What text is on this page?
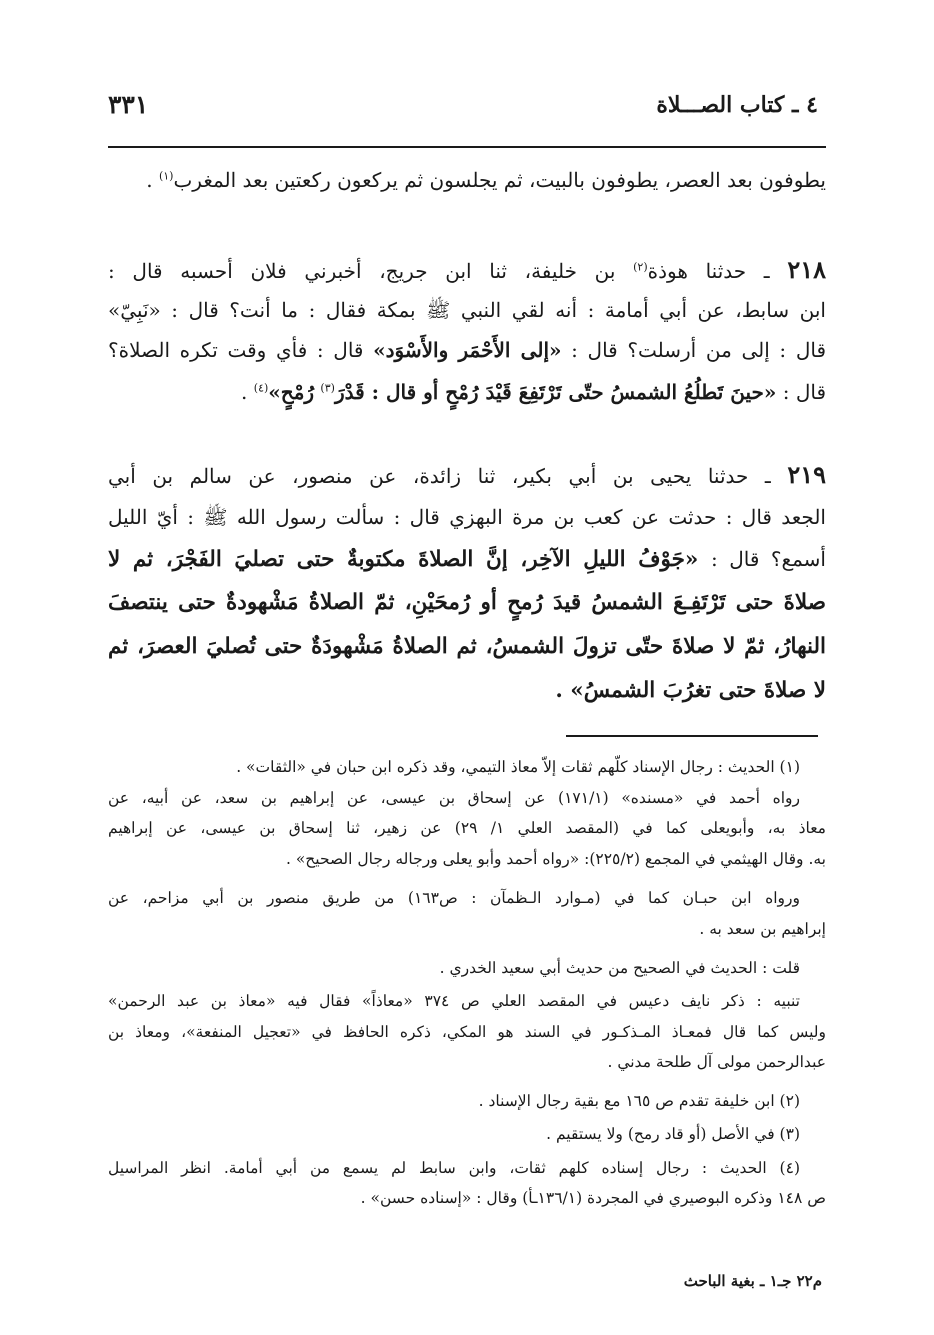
٤ ـ كتاب الصـــلاة
٣٣١
يطوفون بعد العصر، يطوفون بالبيت، ثم يجلسون ثم يركعون ركعتين بعد المغرب$^{(١)}$ .
٢١٨ ـ حدثنا هوذة$^{(٢)}$ بن خليفة، ثنا ابن جريج، أخبرني فلان أحسبه قال :
ابن سابط، عن أبي أمامة : أنه لقي النبي ﷺ بمكة فقال : ما أنت؟ قال : «نَبِيّ»
قال : إلى من أرسلت؟ قال : «إلى الأَحْمَر والأَسْوَد» قال : فأي وقت تكره الصلاة؟
قال : «حينَ تَطلُعُ الشمسُ حتّى تَرْتَفِعَ قَيْدَ رُمْحٍ أو قال : قَدْرَ$^{(٣)}$ رُمْحٍ»$^{(٤)}$ .
٢١٩ ـ حدثنا يحيى بن أبي بكير، ثنا زائدة، عن منصور، عن سالم بن أبي
الجعد قال : حدثت عن كعب بن مرة البهزي قال : سألت رسول الله ﷺ : أيّ الليل
أسمع؟ قال : «جَوْفُ الليلِ الآخِر، إنَّ الصلاةَ مكتوبةٌ حتى تصليَ الفَجْرَ، ثم لا
صلاةَ حتى تَرْتَفِـعَ الشمسُ قيدَ رُمحٍ أو رُمحَيْنِ، ثمّ الصلاةُ مَشْهودةٌ حتى ينتصفَ
النهارُ، ثمّ لا صلاةَ حتّى تزولَ الشمسُ، ثم الصلاةُ مَشْهودَةٌ حتى تُصليَ العصرَ، ثم
لا صلاةَ حتى تغرُبَ الشمسُ» .
(١) الحديث : رجال الإسناد كلّهم ثقات إلاّ معاذ التيمي، وقد ذكره ابن حبان في «الثقات» .
رواه أحمد في «مسنده» (١٧١/١) عن إسحاق بن عيسى، عن إبراهيم بن سعد، عن أبيه، عن
معاذ به، وأبويعلى كما في (المقصد العلي ١/ ٢٩) عن زهير، ثنا إسحاق بن عيسى، عن إبراهيم
به. وقال الهيثمي في المجمع (٢٢٥/٢): «رواه أحمد وأبو يعلى ورجاله رجال الصحيح» .
ورواه ابن حبـان كما في (مـوارد الـظمآن : ص١٦٣) من طريق منصور بن أبي مزاحم، عن
إبراهيم بن سعد به .
قلت : الحديث في الصحيح من حديث أبي سعيد الخدري .
تنبيه : ذكر نايف دعيس في المقصد العلي ص ٣٧٤ «معاذاً» فقال فيه «معاذ بن عبد الرحمن»
وليس كما قال فمعـاذ المـذكـور في السند هو المكي، ذكره الحافظ في «تعجيل المنفعة»، ومعاذ بن
عبدالرحمن مولى آل طلحة مدني .
(٢) ابن خليفة تقدم ص ١٦٥ مع بقية رجال الإسناد .
(٣) في الأصل (أو قاد رمح) ولا يستقيم .
(٤) الحديث : رجال إسناده كلهم ثقات، وابن سابط لم يسمع من أبي أمامة. انظر المراسيل
ص ١٤٨ وذكره البوصيري في المجردة (١٣٦/١ـأ) وقال : «إسناده حسن» .
م٢٢ جـ١ ـ بغية الباحث
